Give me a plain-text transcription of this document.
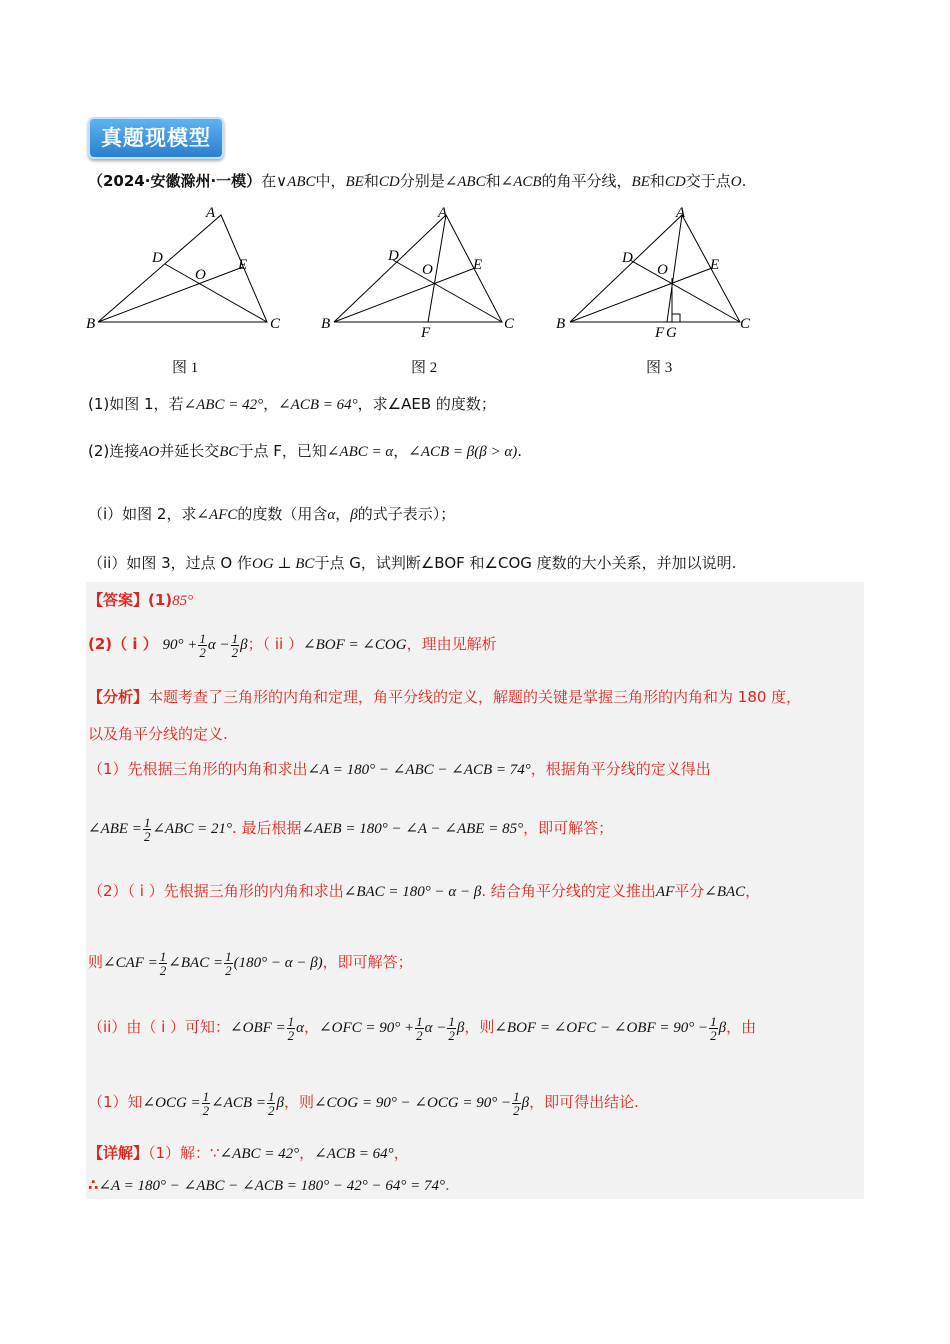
真题现模型
（2024·安徽滁州·一模）在∨ABC中，BE和CD分别是∠ABC和∠ACB的角平分线，BE和CD交于点O.
A
B	C
D	E
O
A
B	C
D
E
O
F
A
B	C
D	E
O
F G
图 1	图 2	图 3
(1)如图 1，若∠ABC = 42°，∠ACB = 64°，求∠AEB 的度数；
(2)连接AO并延长交BC于点 F，已知∠ABC = α，∠ACB = β(β > α).
（i）如图 2，求∠AFC的度数（用含α，β的式子表示）；
（ii）如图 3，过点 O 作OG ⊥ BC于点 G，试判断∠BOF 和∠COG 度数的大小关系，并加以说明.
【答案】(1)85°
(2)（ i ） $90^\circ + \frac{1}{2}$ $\alpha - \frac{1}{2}$ β；（ ii ）∠BOF = ∠COG，理由见解析
【分析】本题考查了三角形的内角和定理，角平分线的定义，解题的关键是掌握三角形的内角和为 180 度，
以及角平分线的定义.
（1）先根据三角形的内角和求出∠A = 180° − ∠ABC − ∠ACB = 74°，根据角平分线的定义得出
∠ABE = $\frac{1}{2}$ ∠ABC = 21°. 最后根据∠AEB = 180° − ∠A − ∠ABE = 85°，即可解答；
（2）（ i ）先根据三角形的内角和求出∠BAC = 180° − α − β. 结合角平分线的定义推出AF平分∠BAC，
则∠CAF = $\frac{1}{2}$ ∠BAC = $\frac{1}{2} (180^\circ - \alpha - \beta)$，即可解答；
（ii）由（ i ）可知：∠OBF = $\frac{1}{2}$ α，∠OFC = $90^\circ + \frac{1}{2}$ $\alpha - \frac{1}{2}$ β，则∠BOF = ∠OFC − ∠OBF = $90^\circ - \frac{1}{2}$ β，由
（1）知∠OCG = $\frac{1}{2}$ ∠ACB = $\frac{1}{2}$ β，则∠COG = 90° − ∠OCG = $90^\circ - \frac{1}{2}$ β，即可得出结论.
【详解】（1）解：∵∠ABC = 42°，∠ACB = 64°，
∴∠A = 180° − ∠ABC − ∠ACB = 180° − 42° − 64° = 74°.
